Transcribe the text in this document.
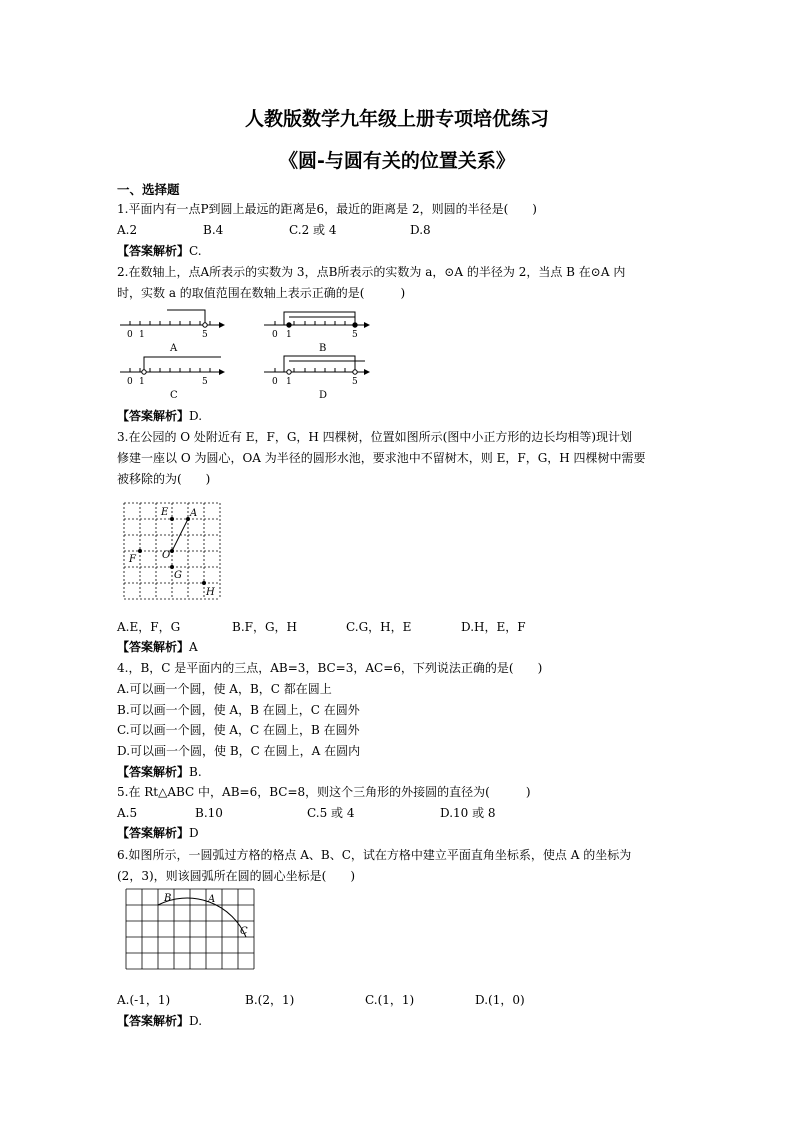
人教版数学九年级上册专项培优练习
《圆-与圆有关的位置关系》
一、选择题
1.平面内有一点P到圆上最远的距离是6，最近的距离是 2，则圆的半径是(　　)
A.2	B.4	C.2 或 4	D.8
【答案解析】C.
2.在数轴上，点A所表示的实数为 3，点B所表示的实数为 a，⊙A 的半径为 2，当点 B 在⊙A 内
时，实数 a 的取值范围在数轴上表示正确的是(　　　)
0 1	5
A
0 1	5
B
0 1	5
C
0 1	5
D
【答案解析】D.
3.在公园的 O 处附近有 E，F，G，H 四棵树，位置如图所示(图中小正方形的边长均相等)现计划
修建一座以 O 为圆心，OA 为半径的圆形水池，要求池中不留树木，则 E，F，G，H 四棵树中需要
被移除的为(　　)
E A
F	O
G
H
A.E，F，G	B.F，G，H	C.G，H，E	D.H，E，F
【答案解析】A
4.，B，C 是平面内的三点，AB=3，BC=3，AC=6，下列说法正确的是(　　)
A.可以画一个圆，使 A，B，C 都在圆上
B.可以画一个圆，使 A，B 在圆上，C 在圆外
C.可以画一个圆，使 A，C 在圆上，B 在圆外
D.可以画一个圆，使 B，C 在圆上，A 在圆内
【答案解析】B.
5.在 Rt△ABC 中，AB=6，BC=8，则这个三角形的外接圆的直径为(　　　)
A.5	B.10	C.5 或 4	D.10 或 8
【答案解析】D
6.如图所示，一圆弧过方格的格点 A、B、C，试在方格中建立平面直角坐标系，使点 A 的坐标为
(2，3)，则该圆弧所在圆的圆心坐标是(　　)
B	A
C
A.(-1，1)	B.(2，1)	C.(1，1)	D.(1，0)
【答案解析】D.
